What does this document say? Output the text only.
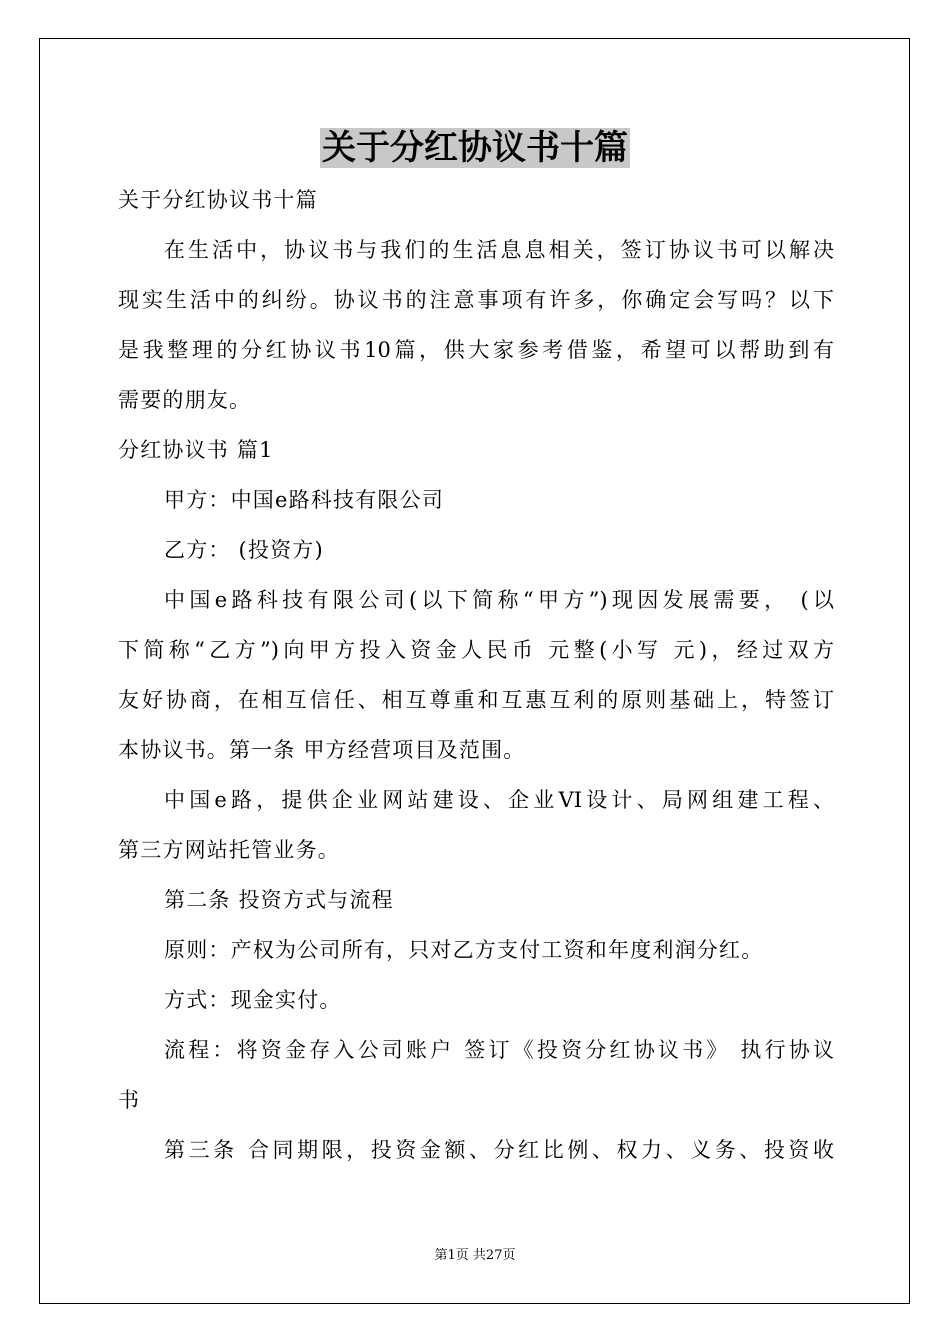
关于分红协议书十篇
关于分红协议书十篇
在生活中，协议书与我们的生活息息相关，签订协议书可以解决
现实生活中的纠纷。协议书的注意事项有许多，你确定会写吗？以下
是我整理的分红协议书10篇，供大家参考借鉴，希望可以帮助到有
需要的朋友。
分红协议书 篇1
甲方：中国e路科技有限公司
乙方： (投资方)
中国e路科技有限公司(以下简称“甲方”)现因发展需要， (以
下简称“乙方”)向甲方投入资金人民币 元整(小写 元)，经过双方
友好协商，在相互信任、相互尊重和互惠互利的原则基础上，特签订
本协议书。第一条 甲方经营项目及范围。
中国e路，提供企业网站建设、企业VI设计、局网组建工程、
第三方网站托管业务。
第二条 投资方式与流程
原则：产权为公司所有，只对乙方支付工资和年度利润分红。
方式：现金实付。
流程：将资金存入公司账户 签订《投资分红协议书》 执行协议
书
第三条 合同期限，投资金额、分红比例、权力、义务、投资收
第1页 共27页
